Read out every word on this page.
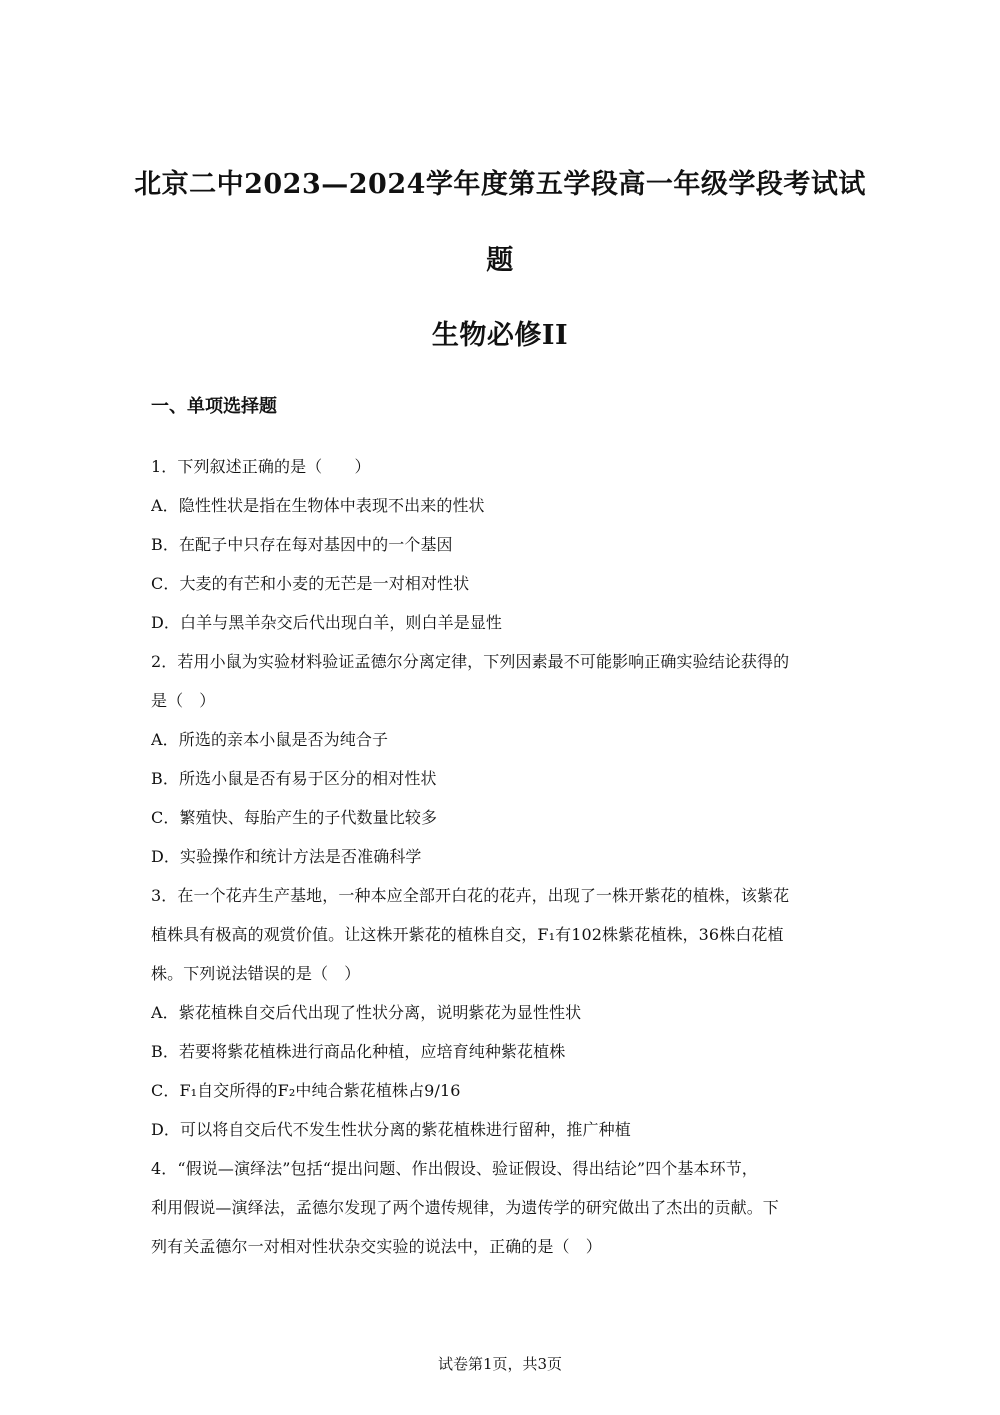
北京二中2023—2024学年度第五学段高一年级学段考试试
题
生物必修II
一、单项选择题
1．下列叙述正确的是（　　）
A．隐性性状是指在生物体中表现不出来的性状
B．在配子中只存在每对基因中的一个基因
C．大麦的有芒和小麦的无芒是一对相对性状
D．白羊与黑羊杂交后代出现白羊，则白羊是显性
2．若用小鼠为实验材料验证孟德尔分离定律，下列因素最不可能影响正确实验结论获得的
是（　）
A．所选的亲本小鼠是否为纯合子
B．所选小鼠是否有易于区分的相对性状
C．繁殖快、每胎产生的子代数量比较多
D．实验操作和统计方法是否准确科学
3．在一个花卉生产基地，一种本应全部开白花的花卉，出现了一株开紫花的植株，该紫花
植株具有极高的观赏价值。让这株开紫花的植株自交，F₁有102株紫花植株，36株白花植
株。下列说法错误的是（　）
A．紫花植株自交后代出现了性状分离，说明紫花为显性性状
B．若要将紫花植株进行商品化种植，应培育纯种紫花植株
C．F₁自交所得的F₂中纯合紫花植株占9/16
D．可以将自交后代不发生性状分离的紫花植株进行留种，推广种植
4．“假说—演绎法”包括“提出问题、作出假设、验证假设、得出结论”四个基本环节，
利用假说—演绎法，孟德尔发现了两个遗传规律，为遗传学的研究做出了杰出的贡献。下
列有关孟德尔一对相对性状杂交实验的说法中，正确的是（　）
试卷第1页，共3页
